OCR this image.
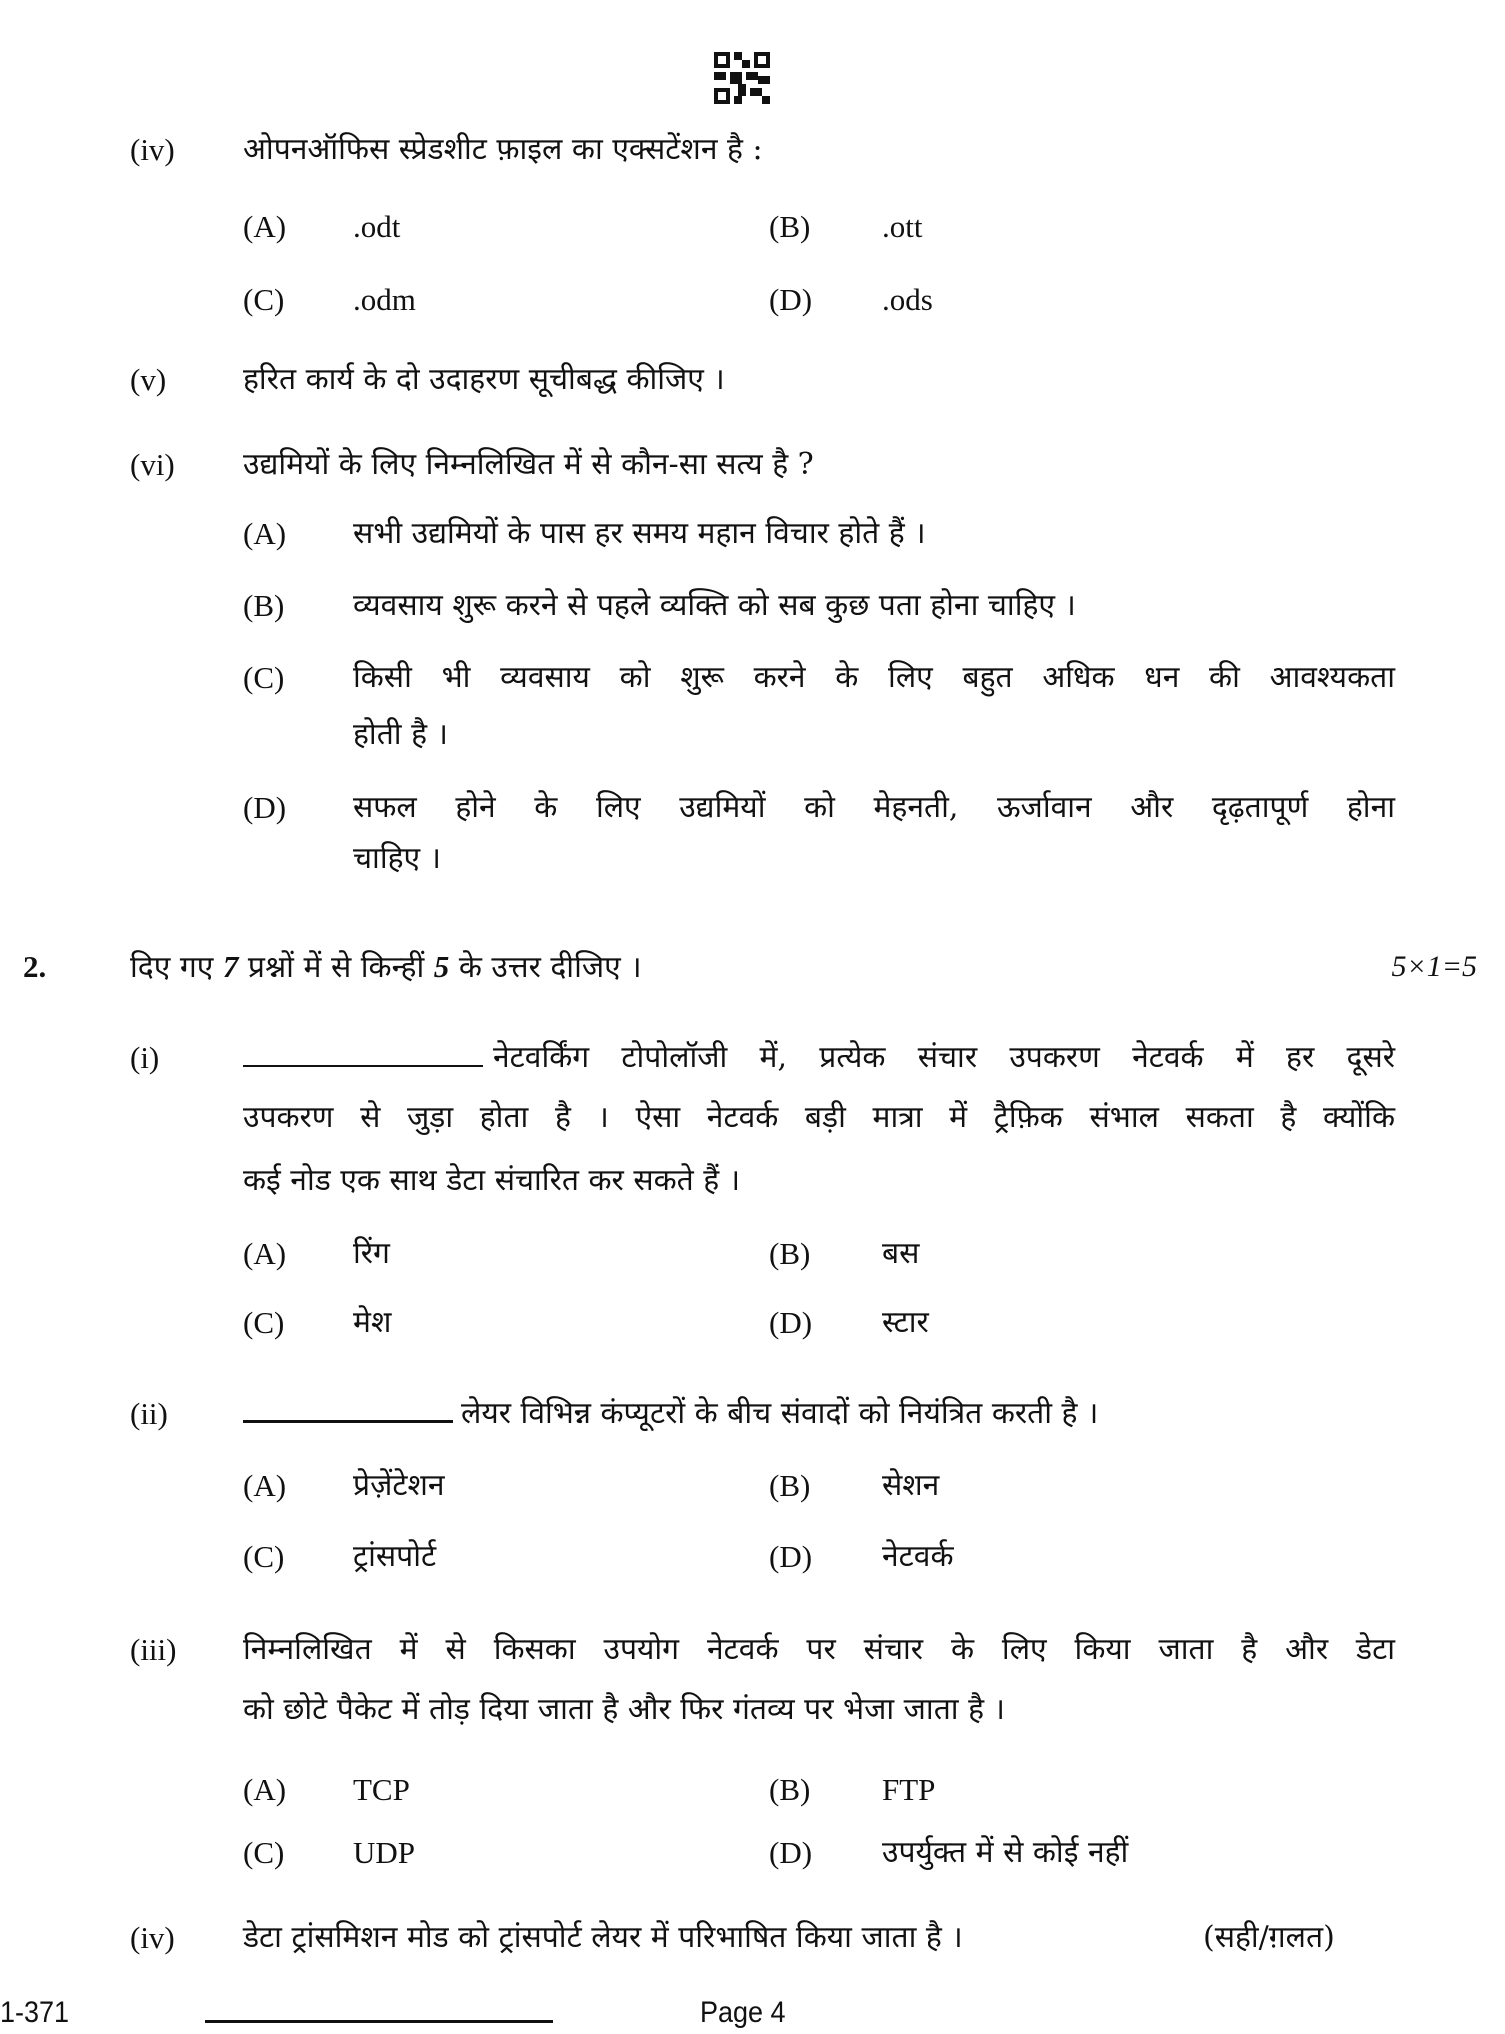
(iv) ओपनऑफिस स्प्रेडशीट फ़ाइल का एक्सटेंशन है :
(A) .odt	(B) .ott
(C) .odm	(D) .ods
(v)	हरित कार्य के दो उदाहरण सूचीबद्ध कीजिए ।
(vi) उद्यमियों के लिए निम्नलिखित में से कौन-सा सत्य है ?
(A) सभी उद्यमियों के पास हर समय महान विचार होते हैं ।
(B) व्यवसाय शुरू करने से पहले व्यक्ति को सब कुछ पता होना चाहिए ।
(C) किसी भी व्यवसाय को शुरू करने के लिए बहुत अधिक धन की आवश्यकता
होती है ।
(D) सफल होने के लिए उद्यमियों को मेहनती, ऊर्जावान और दृढ़तापूर्ण होना
चाहिए ।
2.	दिए गए 7 प्रश्नों में से किन्हीं 5 के उत्तर दीजिए ।	5×1=5
(i)	नेटवर्किंग टोपोलॉजी में, प्रत्येक संचार उपकरण नेटवर्क में हर दूसरे
उपकरण से जुड़ा होता है । ऐसा नेटवर्क बड़ी मात्रा में ट्रैफ़िक संभाल सकता है क्योंकि
कई नोड एक साथ डेटा संचारित कर सकते हैं ।
(A) रिंग	(B) बस
(C) मेश	(D) स्टार
(ii)	लेयर विभिन्न कंप्यूटरों के बीच संवादों को नियंत्रित करती है ।
(A) प्रेज़ेंटेशन	(B) सेशन
(C) ट्रांसपोर्ट	(D) नेटवर्क
(iii) निम्नलिखित में से किसका उपयोग नेटवर्क पर संचार के लिए किया जाता है और डेटा
को छोटे पैकेट में तोड़ दिया जाता है और फिर गंतव्य पर भेजा जाता है ।
(A) TCP	(B) FTP
(C) UDP	(D) उपर्युक्त में से कोई नहीं
(iv) डेटा ट्रांसमिशन मोड को ट्रांसपोर्ट लेयर में परिभाषित किया जाता है ।	(सही/ग़लत)
1-371	Page 4
